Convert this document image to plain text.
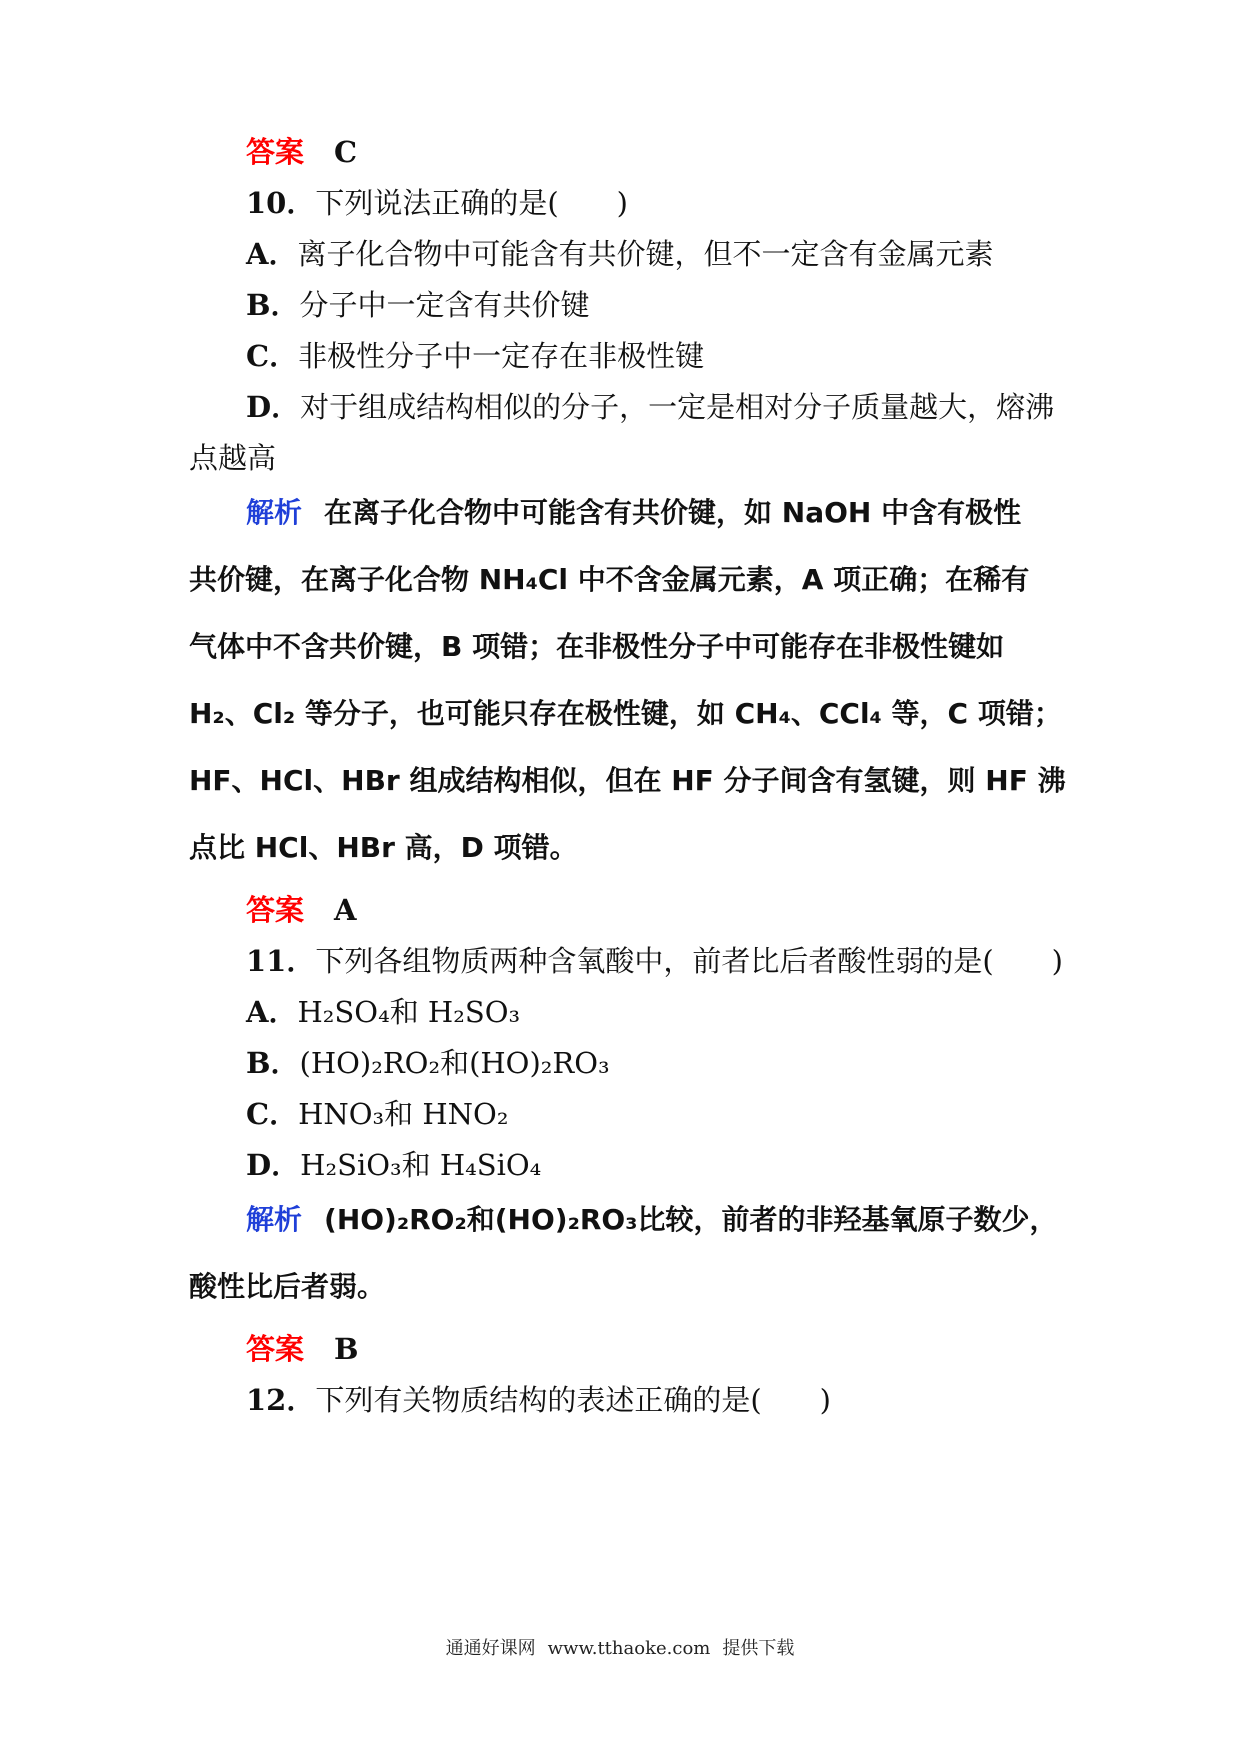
答案 C
10．下列说法正确的是(　　)
A．离子化合物中可能含有共价键，但不一定含有金属元素
B．分子中一定含有共价键
C．非极性分子中一定存在非极性键
D．对于组成结构相似的分子，一定是相对分子质量越大，熔沸
点越高
解析 在离子化合物中可能含有共价键，如 NaOH 中含有极性
共价键，在离子化合物 NH₄Cl 中不含金属元素，A 项正确；在稀有
气体中不含共价键，B 项错；在非极性分子中可能存在非极性键如
H₂、Cl₂ 等分子，也可能只存在极性键，如 CH₄、CCl₄ 等，C 项错；
HF、HCl、HBr 组成结构相似，但在 HF 分子间含有氢键，则 HF 沸
点比 HCl、HBr 高，D 项错。
答案 A
11．下列各组物质两种含氧酸中，前者比后者酸性弱的是(　　)
A．H₂SO₄和 H₂SO₃
B．(HO)₂RO₂和(HO)₂RO₃
C．HNO₃和 HNO₂
D．H₂SiO₃和 H₄SiO₄
解析 (HO)₂RO₂和(HO)₂RO₃比较，前者的非羟基氧原子数少，
酸性比后者弱。
答案 B
12．下列有关物质结构的表述正确的是(　　)
通通好课网 www.tthaoke.com 提供下载
